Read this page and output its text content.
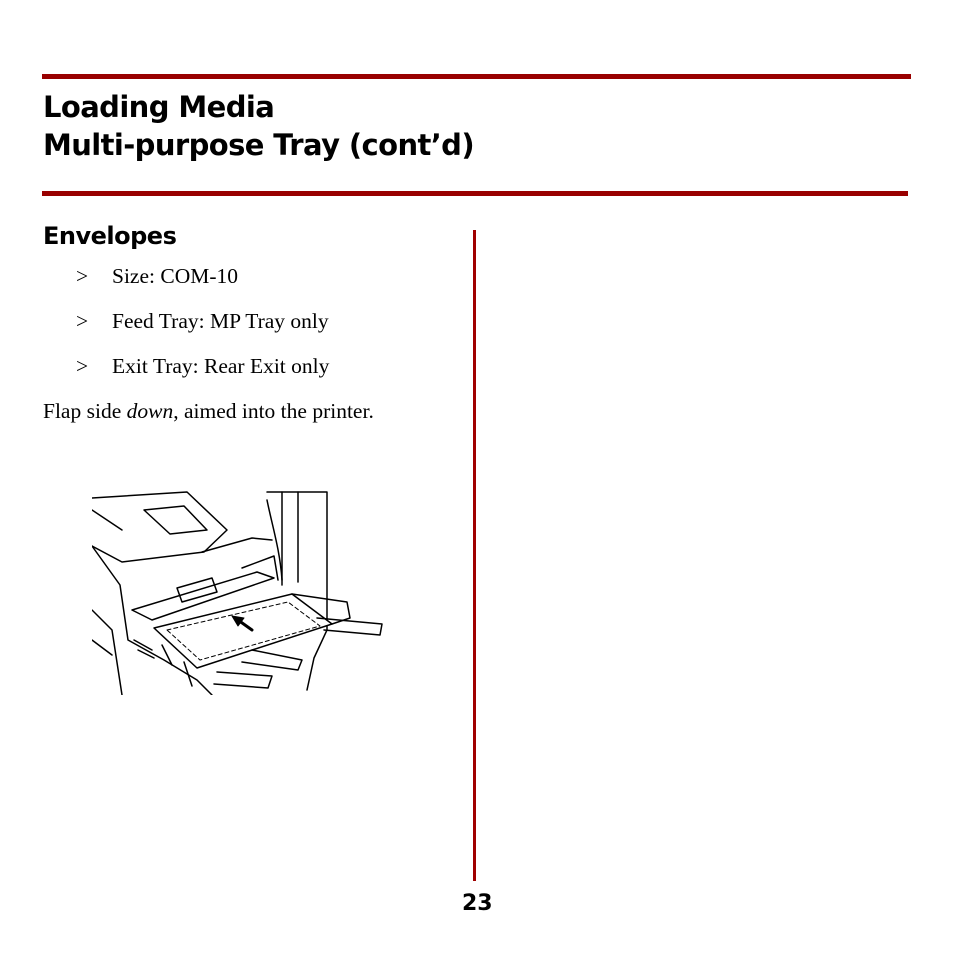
Loading Media
Multi-purpose Tray (cont’d)
Envelopes
> Size: COM-10
> Feed Tray: MP Tray only
> Exit Tray: Rear Exit only

Flap side down, aimed into the printer.

23
